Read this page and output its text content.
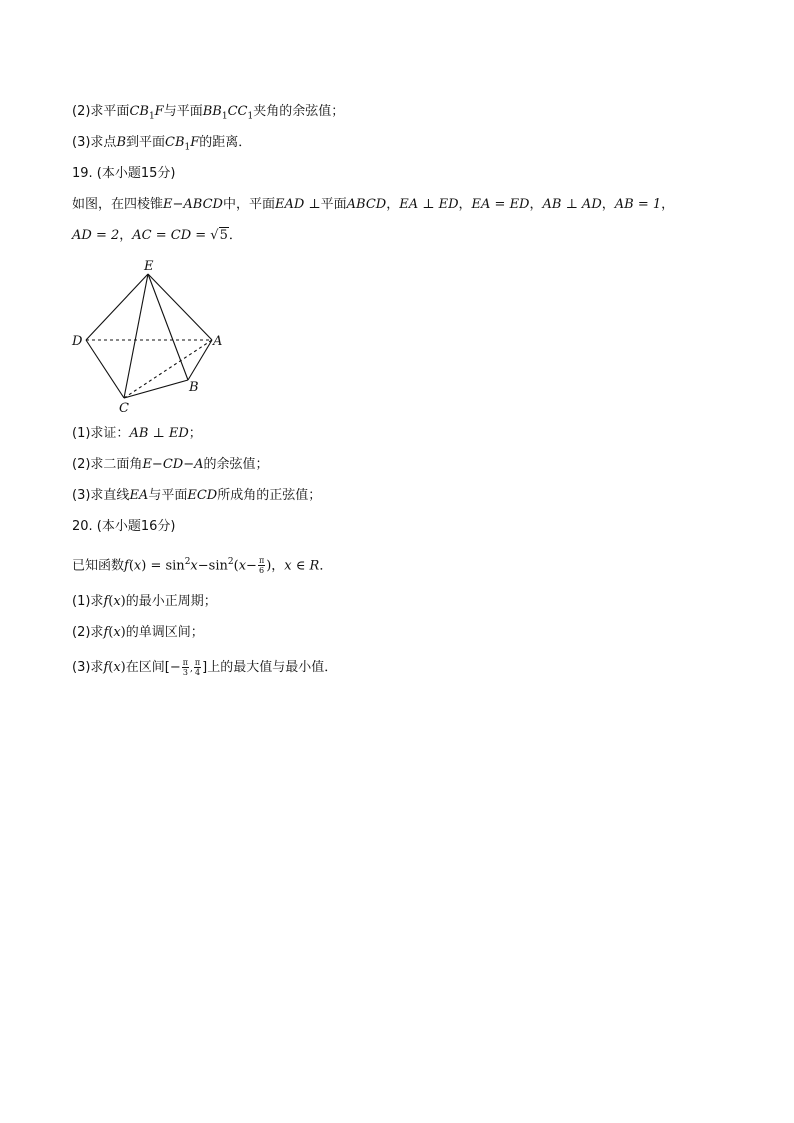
(2)求平面$CB_1F$与平面$BB_1CC_1$夹角的余弦值；
(3)求点B到平面$CB_1F$的距离．
19. (本小题15分)
如图，在四棱锥E−ABCD中，平面EAD ⊥平面ABCD，EA ⊥ ED，EA = ED，AB ⊥ AD，AB = 1，
AD = 2，AC = CD = √5．
E
D	A
B
C
(1)求证：AB ⊥ ED；
(2)求二面角E−CD−A的余弦值；
(3)求直线EA与平面ECD所成角的正弦值；
20. (本小题16分)
已知函数$f(x) = \sin^2x-\sin^2(x- \frac{\pi}{6}$ )，x ∈ R．
(1)求f(x)的最小正周期；
(2)求f(x)的单调区间；
(3)求f(x)在区间[− $\frac{\pi}{3}$ , $\frac{\pi}{4}$ ]上的最大值与最小值．
